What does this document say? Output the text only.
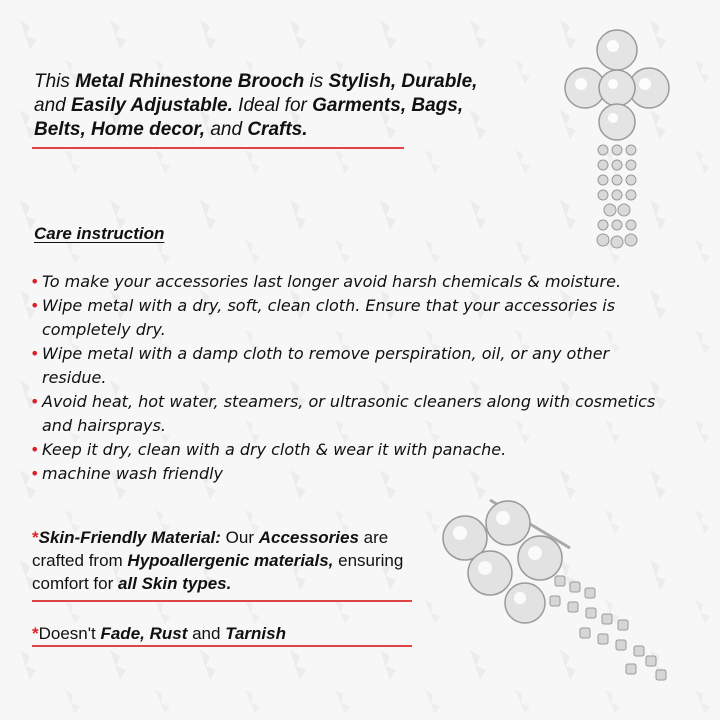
This Metal Rhinestone Brooch is Stylish, Durable, and Easily Adjustable. Ideal for Garments, Bags, Belts, Home decor, and Crafts.
Care instruction
• To make your accessories last longer avoid harsh chemicals & moisture.
• Wipe metal with a dry, soft, clean cloth. Ensure that your accessories is completely dry.
• Wipe metal with a damp cloth to remove perspiration, oil, or any other residue.
• Avoid heat, hot water, steamers, or ultrasonic cleaners along with cosmetics and hairsprays.
• Keep it dry, clean with a dry cloth & wear it with panache.
• machine wash friendly

*Skin-Friendly Material: Our Accessories are crafted from Hypoallergenic materials, ensuring comfort for all Skin types.

*Doesn't Fade, Rust and Tarnish
